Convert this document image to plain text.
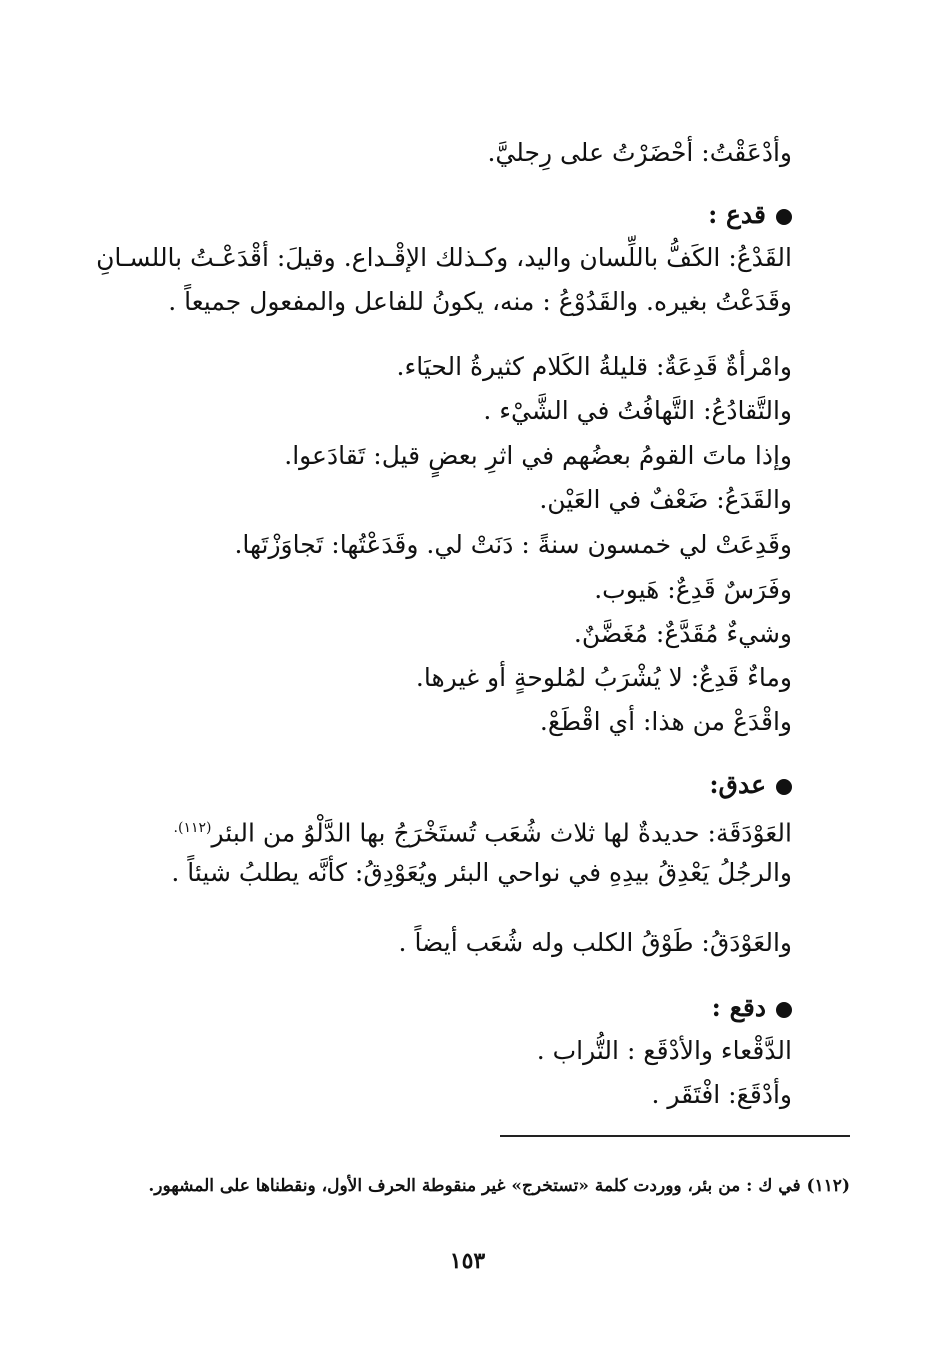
وأدْعَقْتُ: أحْضَرْتُ على رِجليَّ.
قدع :
القَدْعُ: الكَفُّ باللِّسان واليد، وكـذلك الإقْـداع. وقيلَ: أقْدَعْـتُ باللسـانِ
وقَدَعْتُ بغيره. والقَدُوْعُ : منه، يكونُ للفاعل والمفعول جميعاً .
وامْرأةٌ قَدِعَةٌ: قليلةُ الكَلام كثيرةُ الحيَاء.
والتَّقادُعُ: التَّهافُتُ في الشَّيْء .
وإذا ماتَ القومُ بعضُهم في اثرِ بعضٍ قيل: تَقادَعوا.
والقَدَعُ: ضَعْفٌ في العَيْن.
وقَدِعَتْ لي خمسون سنةً : دَنَتْ لي. وقَدَعْتُها: تَجاوَزْتَها.
وفَرَسٌ قَدِعٌ: هَيوب.
وشيءٌ مُقَدَّعٌ: مُغَضَّنٌ.
وماءٌ قَدِعٌ: لا يُشْرَبُ لمُلوحةٍ أو غيرها.
واقْدَعْ من هذا: أي اقْطَعْ.
عدق:
العَوْدَقَة: حديدةٌ لها ثلاث شُعَب تُستَخْرَجُ بها الدَّلْوُ من البئر$^{(١١٢).}$
والرجُلُ يَعْدِقُ بيدِهِ في نواحي البئر ويُعَوْدِقُ: كأنَّه يطلبُ شيئاً .
والعَوْدَقُ: طَوْقُ الكلب وله شُعَب أيضاً .
دقع :
الدَّقْعاء والأدْقَع : التُّراب .
وأدْقَعَ: افْتَقَر .
(١١٢) في ك : من بئر، ووردت كلمة «تستخرج» غير منقوطة الحرف الأول، ونقطناها على المشهور.
١٥٣
